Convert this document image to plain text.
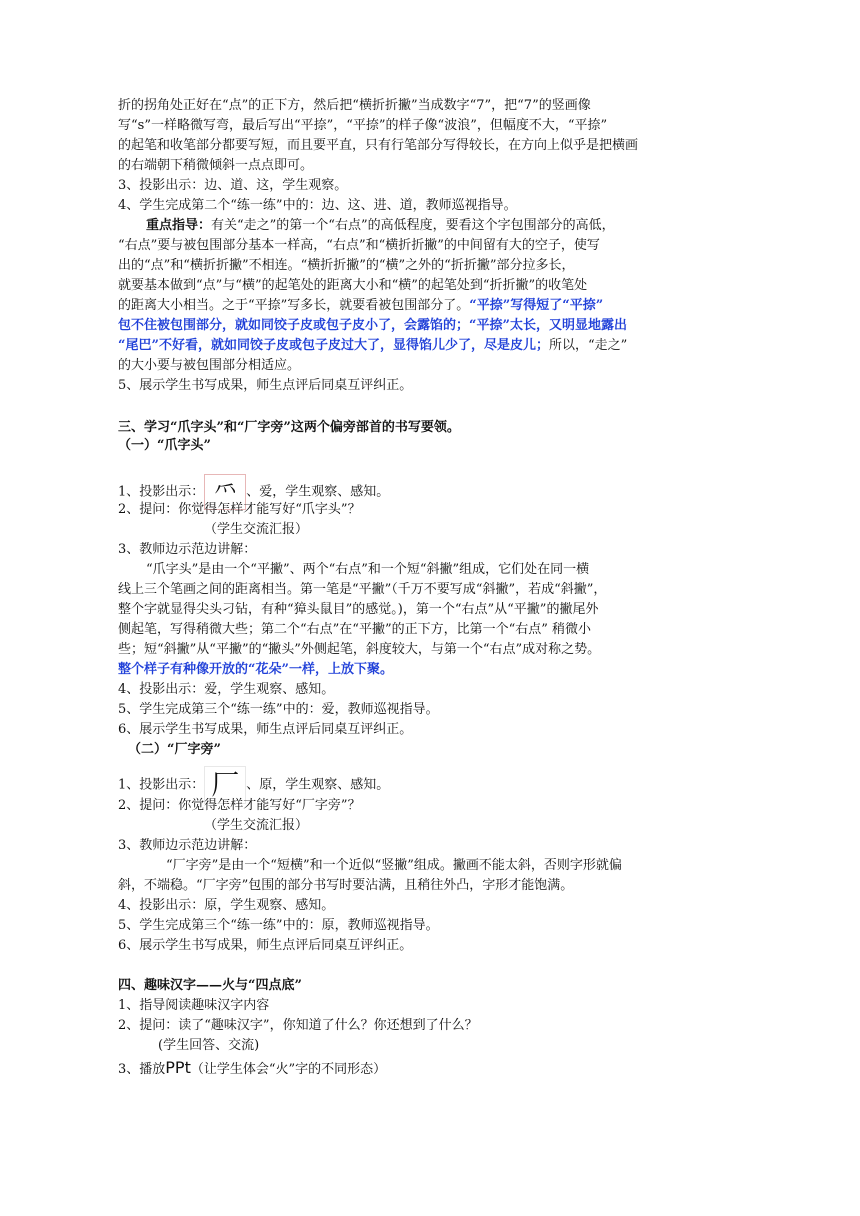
折的拐角处正好在“点”的正下方，然后把“横折折撇”当成数字“7”，把“7”的竖画像
写“s”一样略微写弯，最后写出“平捺”，“平捺”的样子像“波浪”，但幅度不大，“平捺”
的起笔和收笔部分都要写短，而且要平直，只有行笔部分写得较长，在方向上似乎是把横画
的右端朝下稍微倾斜一点点即可。
3、投影出示：边、道、这，学生观察。
4、学生完成第二个“练一练”中的：边、这、进、道，教师巡视指导。
重点指导：有关“走之”的第一个“右点”的高低程度，要看这个字包围部分的高低，
“右点”要与被包围部分基本一样高，“右点”和“横折折撇”的中间留有大的空子，使写
出的“点”和“横折折撇”不相连。“横折折撇”的“横”之外的“折折撇”部分拉多长，
就要基本做到“点”与“横”的起笔处的距离大小和“横”的起笔处到“折折撇”的收笔处
的距离大小相当。之于“平捺”写多长，就要看被包围部分了。“平捺”写得短了“平捺”
包不住被包围部分，就如同饺子皮或包子皮小了，会露馅的；“平捺”太长，又明显地露出
“尾巴”不好看，就如同饺子皮或包子皮过大了，显得馅儿少了，尽是皮儿；所以，“走之”
的大小要与被包围部分相适应。
5、展示学生书写成果，师生点评后同桌互评纠正。
三、学习“爪字头”和“厂字旁”这两个偏旁部首的书写要领。
（一）“爪字头”
1、投影出示： ⺤ 、爱，学生观察、感知。
2、提问：你觉得怎样才能写好“爪字头”？
（学生交流汇报）
3、教师边示范边讲解：
“爪字头”是由一个“平撇”、两个“右点”和一个短“斜撇”组成，它们处在同一横
线上三个笔画之间的距离相当。第一笔是“平撇”（千万不要写成“斜撇”，若成“斜撇”，
整个字就显得尖头刁钻，有种“獐头鼠目”的感觉。)，第一个“右点”从“平撇”的撇尾外
侧起笔，写得稍微大些；第二个“右点”在“平撇”的正下方，比第一个“右点” 稍微小
些；短“斜撇”从“平撇”的“撇头”外侧起笔，斜度较大，与第一个“右点”成对称之势。
整个样子有种像开放的“花朵”一样，上放下聚。
4、投影出示：爱，学生观察、感知。
5、学生完成第三个“练一练”中的：爱，教师巡视指导。
6、展示学生书写成果，师生点评后同桌互评纠正。
（二）“厂字旁”
1、投影出示： 厂 、原，学生观察、感知。
2、提问：你觉得怎样才能写好“厂字旁”？
（学生交流汇报）
3、教师边示范边讲解：
“厂字旁”是由一个“短横”和一个近似“竖撇”组成。撇画不能太斜，否则字形就偏
斜，不端稳。“厂字旁”包围的部分书写时要沾满，且稍往外凸，字形才能饱满。
4、投影出示：原，学生观察、感知。
5、学生完成第三个“练一练”中的：原，教师巡视指导。
6、展示学生书写成果，师生点评后同桌互评纠正。
四、趣味汉字——火与“四点底”
1、指导阅读趣味汉字内容
2、提问：读了“趣味汉字”，你知道了什么？你还想到了什么？
(学生回答、交流)
3、播放PPt（让学生体会“火”字的不同形态）
